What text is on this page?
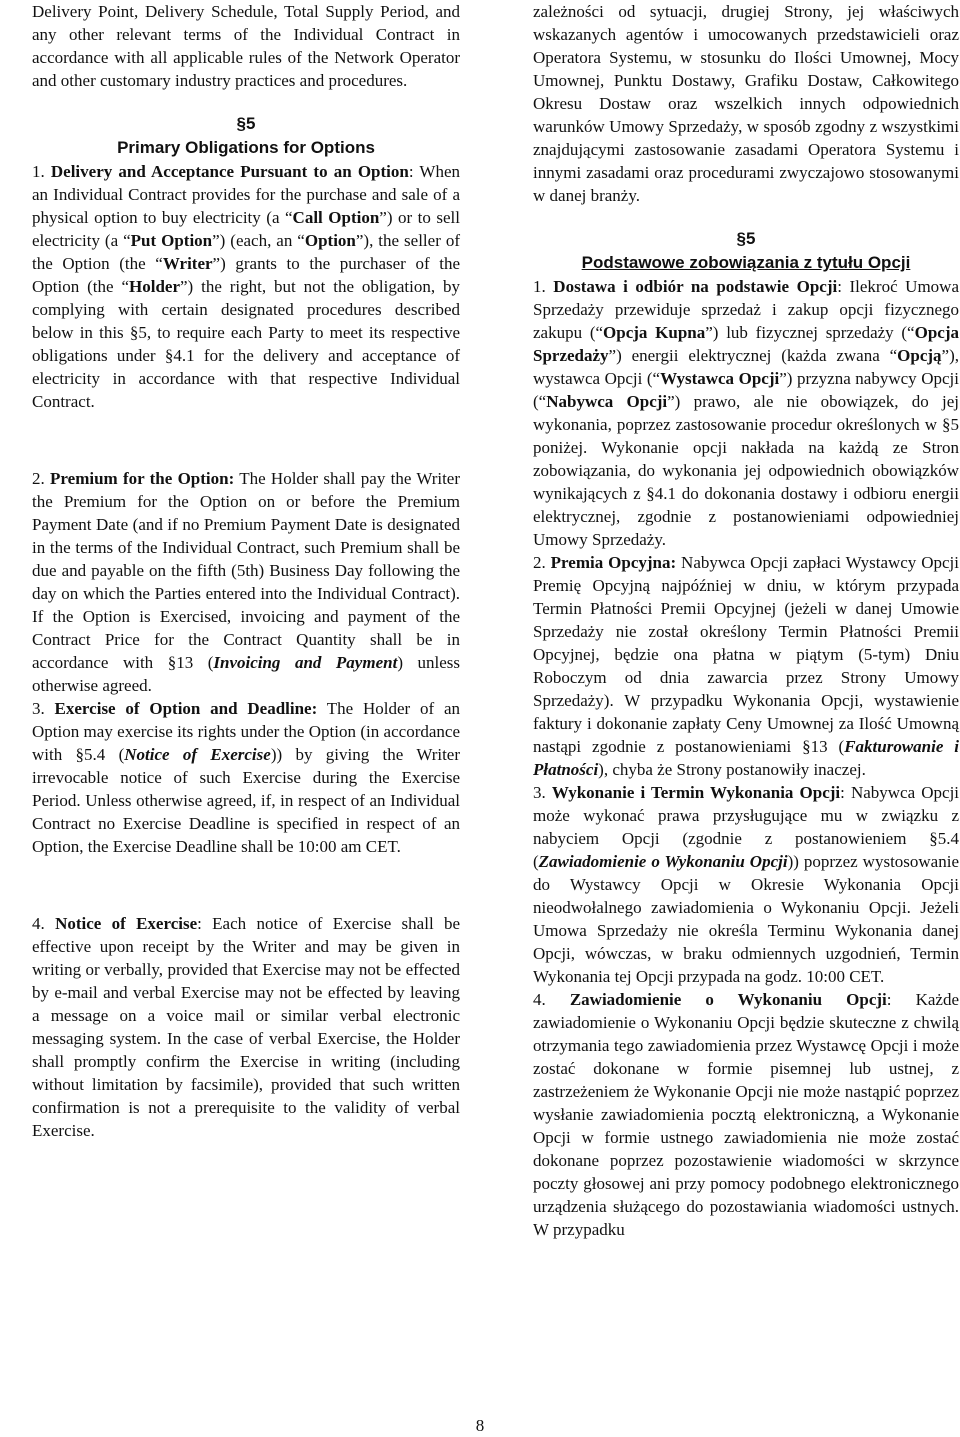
Delivery Point, Delivery Schedule, Total Supply Period, and any other relevant terms of the Individual Contract in accordance with all applicable rules of the Network Operator and other customary industry practices and procedures.

§5
Primary Obligations for Options

1. Delivery and Acceptance Pursuant to an Option: When an Individual Contract provides for the purchase and sale of a physical option to buy electricity (a “Call Option”) or to sell electricity (a “Put Option”) (each, an “Option”), the seller of the Option (the “Writer”) grants to the purchaser of the Option (the “Holder”) the right, but not the obligation, by complying with certain designated procedures described below in this §5, to require each Party to meet its respective obligations under §4.1 for the delivery and acceptance of electricity in accordance with that respective Individual Contract.

2. Premium for the Option: The Holder shall pay the Writer the Premium for the Option on or before the Premium Payment Date (and if no Premium Payment Date is designated in the terms of the Individual Contract, such Premium shall be due and payable on the fifth (5th) Business Day following the day on which the Parties entered into the Individual Contract). If the Option is Exercised, invoicing and payment of the Contract Price for the Contract Quantity shall be in accordance with §13 (Invoicing and Payment) unless otherwise agreed.

3. Exercise of Option and Deadline: The Holder of an Option may exercise its rights under the Option (in accordance with §5.4 (Notice of Exercise)) by giving the Writer irrevocable notice of such Exercise during the Exercise Period. Unless otherwise agreed, if, in respect of an Individual Contract no Exercise Deadline is specified in respect of an Option, the Exercise Deadline shall be 10:00 am CET.

4. Notice of Exercise: Each notice of Exercise shall be effective upon receipt by the Writer and may be given in writing or verbally, provided that Exercise may not be effected by e-mail and verbal Exercise may not be effected by leaving a message on a voice mail or similar verbal electronic messaging system. In the case of verbal Exercise, the Holder shall promptly confirm the Exercise in writing (including without limitation by facsimile), provided that such written confirmation is not a prerequisite to the validity of verbal Exercise.

zależności od sytuacji, drugiej Strony, jej właściwych wskazanych agentów i umocowanych przedstawicieli oraz Operatora Systemu, w stosunku do Ilości Umownej, Mocy Umownej, Punktu Dostawy, Grafiku Dostaw, Całkowitego Okresu Dostaw oraz wszelkich innych odpowiednich warunków Umowy Sprzedaży, w sposób zgodny z wszystkimi znajdującymi zastosowanie zasadami Operatora Systemu i innymi zasadami oraz procedurami zwyczajowo stosowanymi w danej branży.

§5
Podstawowe zobowiązania z tytułu Opcji

1. Dostawa i odbiór na podstawie Opcji: Ilekroć Umowa Sprzedaży przewiduje sprzedaż i zakup opcji fizycznego zakupu (“Opcja Kupna”) lub fizycznej sprzedaży (“Opcja Sprzedaży”) energii elektrycznej (każda zwana “Opcją”), wystawca Opcji (“Wystawca Opcji”) przyzna nabywcy Opcji (“Nabywca Opcji”) prawo, ale nie obowiązek, do jej wykonania, poprzez zastosowanie procedur określonych w §5 poniżej. Wykonanie opcji nakłada na każdą ze Stron zobowiązania, do wykonania jej odpowiednich obowiązków wynikających z §4.1 do dokonania dostawy i odbioru energii elektrycznej, zgodnie z postanowieniami odpowiedniej Umowy Sprzedaży.

2. Premia Opcyjna: Nabywca Opcji zapłaci Wystawcy Opcji Premię Opcyjną najpóźniej w dniu, w którym przypada Termin Płatności Premii Opcyjnej (jeżeli w danej Umowie Sprzedaży nie został określony Termin Płatności Premii Opcyjnej, będzie ona płatna w piątym (5-tym) Dniu Roboczym od dnia zawarcia przez Strony Umowy Sprzedaży). W przypadku Wykonania Opcji, wystawienie faktury i dokonanie zapłaty Ceny Umownej za Ilość Umowną nastąpi zgodnie z postanowieniami §13 (Fakturowanie i Płatności), chyba że Strony postanowiły inaczej.

3. Wykonanie i Termin Wykonania Opcji: Nabywca Opcji może wykonać prawa przysługujące mu w związku z nabyciem Opcji (zgodnie z postanowieniem §5.4 (Zawiadomienie o Wykonaniu Opcji)) poprzez wystosowanie do Wystawcy Opcji w Okresie Wykonania Opcji nieodwołalnego zawiadomienia o Wykonaniu Opcji. Jeżeli Umowa Sprzedaży nie określa Terminu Wykonania danej Opcji, wówczas, w braku odmiennych uzgodnień, Termin Wykonania tej Opcji przypada na godz. 10:00 CET.

4. Zawiadomienie o Wykonaniu Opcji: Każde zawiadomienie o Wykonaniu Opcji będzie skuteczne z chwilą otrzymania tego zawiadomienia przez Wystawcę Opcji i może zostać dokonane w formie pisemnej lub ustnej, z zastrzeżeniem że Wykonanie Opcji nie może nastąpić poprzez wysłanie zawiadomienia pocztą elektroniczną, a Wykonanie Opcji w formie ustnego zawiadomienia nie może zostać dokonane poprzez pozostawienie wiadomości w skrzynce poczty głosowej ani przy pomocy podobnego elektronicznego urządzenia służącego do pozostawiania wiadomości ustnych. W przypadku

8
